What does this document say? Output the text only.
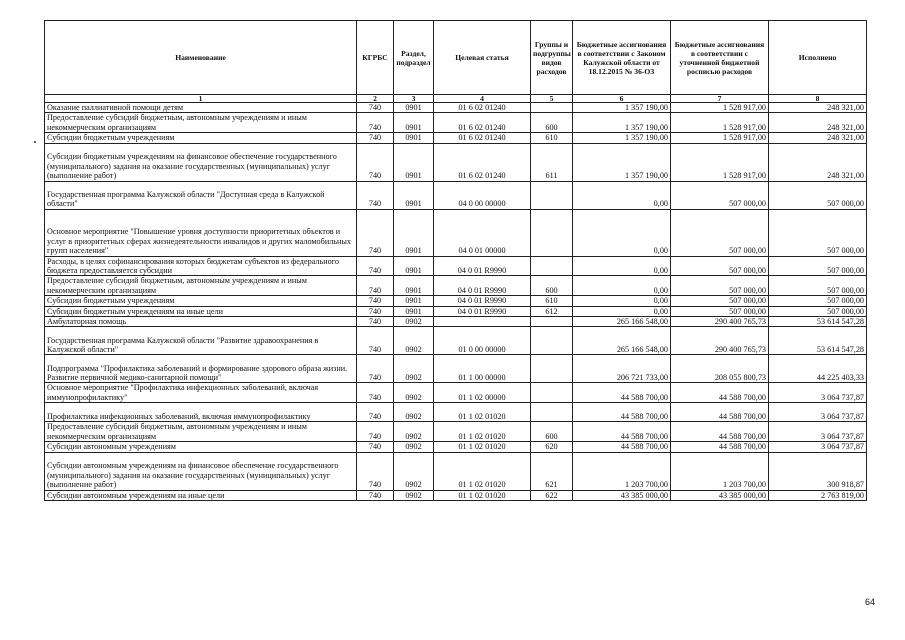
Наименование	КГРБС	Раздел, подраздел	Целевая статья	Группы и подгруппы видов расходов	Бюджетные ассигнования в соответствии с Законом Калужской области от 18.12.2015 № 36-ОЗ	Бюджетные ассигнования в соответствии с уточненной бюджетной росписью расходов	Исполнено
1	2	3	4	5	6	7	8
Оказание паллиативной помощи детям	740	0901	01 6 02 01240		1 357 190,00	1 528 917,00	248 321,00
Предоставление субсидий бюджетным, автономным учреждениям и иным некоммерческим организациям	740	0901	01 6 02 01240	600	1 357 190,00	1 528 917,00	248 321,00
Субсидии бюджетным учреждениям	740	0901	01 6 02 01240	610	1 357 190,00	1 528 917,00	248 321,00
Субсидии бюджетным учреждениям на финансовое обеспечение государственного (муниципального) задания на оказание государственных (муниципальных) услуг (выполнение работ)	740	0901	01 6 02 01240	611	1 357 190,00	1 528 917,00	248 321,00
Государственная программа Калужской области "Доступная среда в Калужской области"	740	0901	04 0 00 00000		0,00	507 000,00	507 000,00
Основное мероприятие "Повышение уровня доступности приоритетных объектов и услуг в приоритетных сферах жизнедеятельности инвалидов и других маломобильных групп населения"	740	0901	04 0 01 00000		0,00	507 000,00	507 000,00
Расходы, в целях софинансирования которых бюджетам субъектов из федерального бюджета предоставляется субсидии	740	0901	04 0 01 R9990		0,00	507 000,00	507 000,00
Предоставление субсидий бюджетным, автономным учреждениям и иным некоммерческим организациям	740	0901	04 0 01 R9990	600	0,00	507 000,00	507 000,00
Субсидии бюджетным учреждениям	740	0901	04 0 01 R9990	610	0,00	507 000,00	507 000,00
Субсидии бюджетным учреждениям на иные цели	740	0901	04 0 01 R9990	612	0,00	507 000,00	507 000,00
Амбулаторная помощь	740	0902			265 166 548,00	290 400 765,73	53 614 547,28
Государственная программа Калужской области "Развитие здравоохранения в Калужской области"	740	0902	01 0 00 00000		265 166 548,00	290 400 765,73	53 614 547,28
Подпрограмма "Профилактика заболеваний и формирование здорового образа жизни. Развитие первичной медико-санитарной помощи"	740	0902	01 1 00 00000		206 721 733,00	208 055 800,73	44 225 403,33
Основное мероприятие "Профилактика инфекционных заболеваний, включая иммунопрофилактику"	740	0902	01 1 02 00000		44 588 700,00	44 588 700,00	3 064 737,87
Профилактика инфекционных заболеваний, включая иммунопрофилактику	740	0902	01 1 02 01020		44 588 700,00	44 588 700,00	3 064 737,87
Предоставление субсидий бюджетным, автономным учреждениям и иным некоммерческим организациям	740	0902	01 1 02 01020	600	44 588 700,00	44 588 700,00	3 064 737,87
Субсидии автономным учреждениям	740	0902	01 1 02 01020	620	44 588 700,00	44 588 700,00	3 064 737,87
Субсидии автономным учреждениям на финансовое обеспечение государственного (муниципального) задания на оказание государственных (муниципальных) услуг (выполнение работ)	740	0902	01 1 02 01020	621	1 203 700,00	1 203 700,00	300 918,87
Субсидии автономным учреждениям на иные цели	740	0902	01 1 02 01020	622	43 385 000,00	43 385 000,00	2 763 819,00
64
